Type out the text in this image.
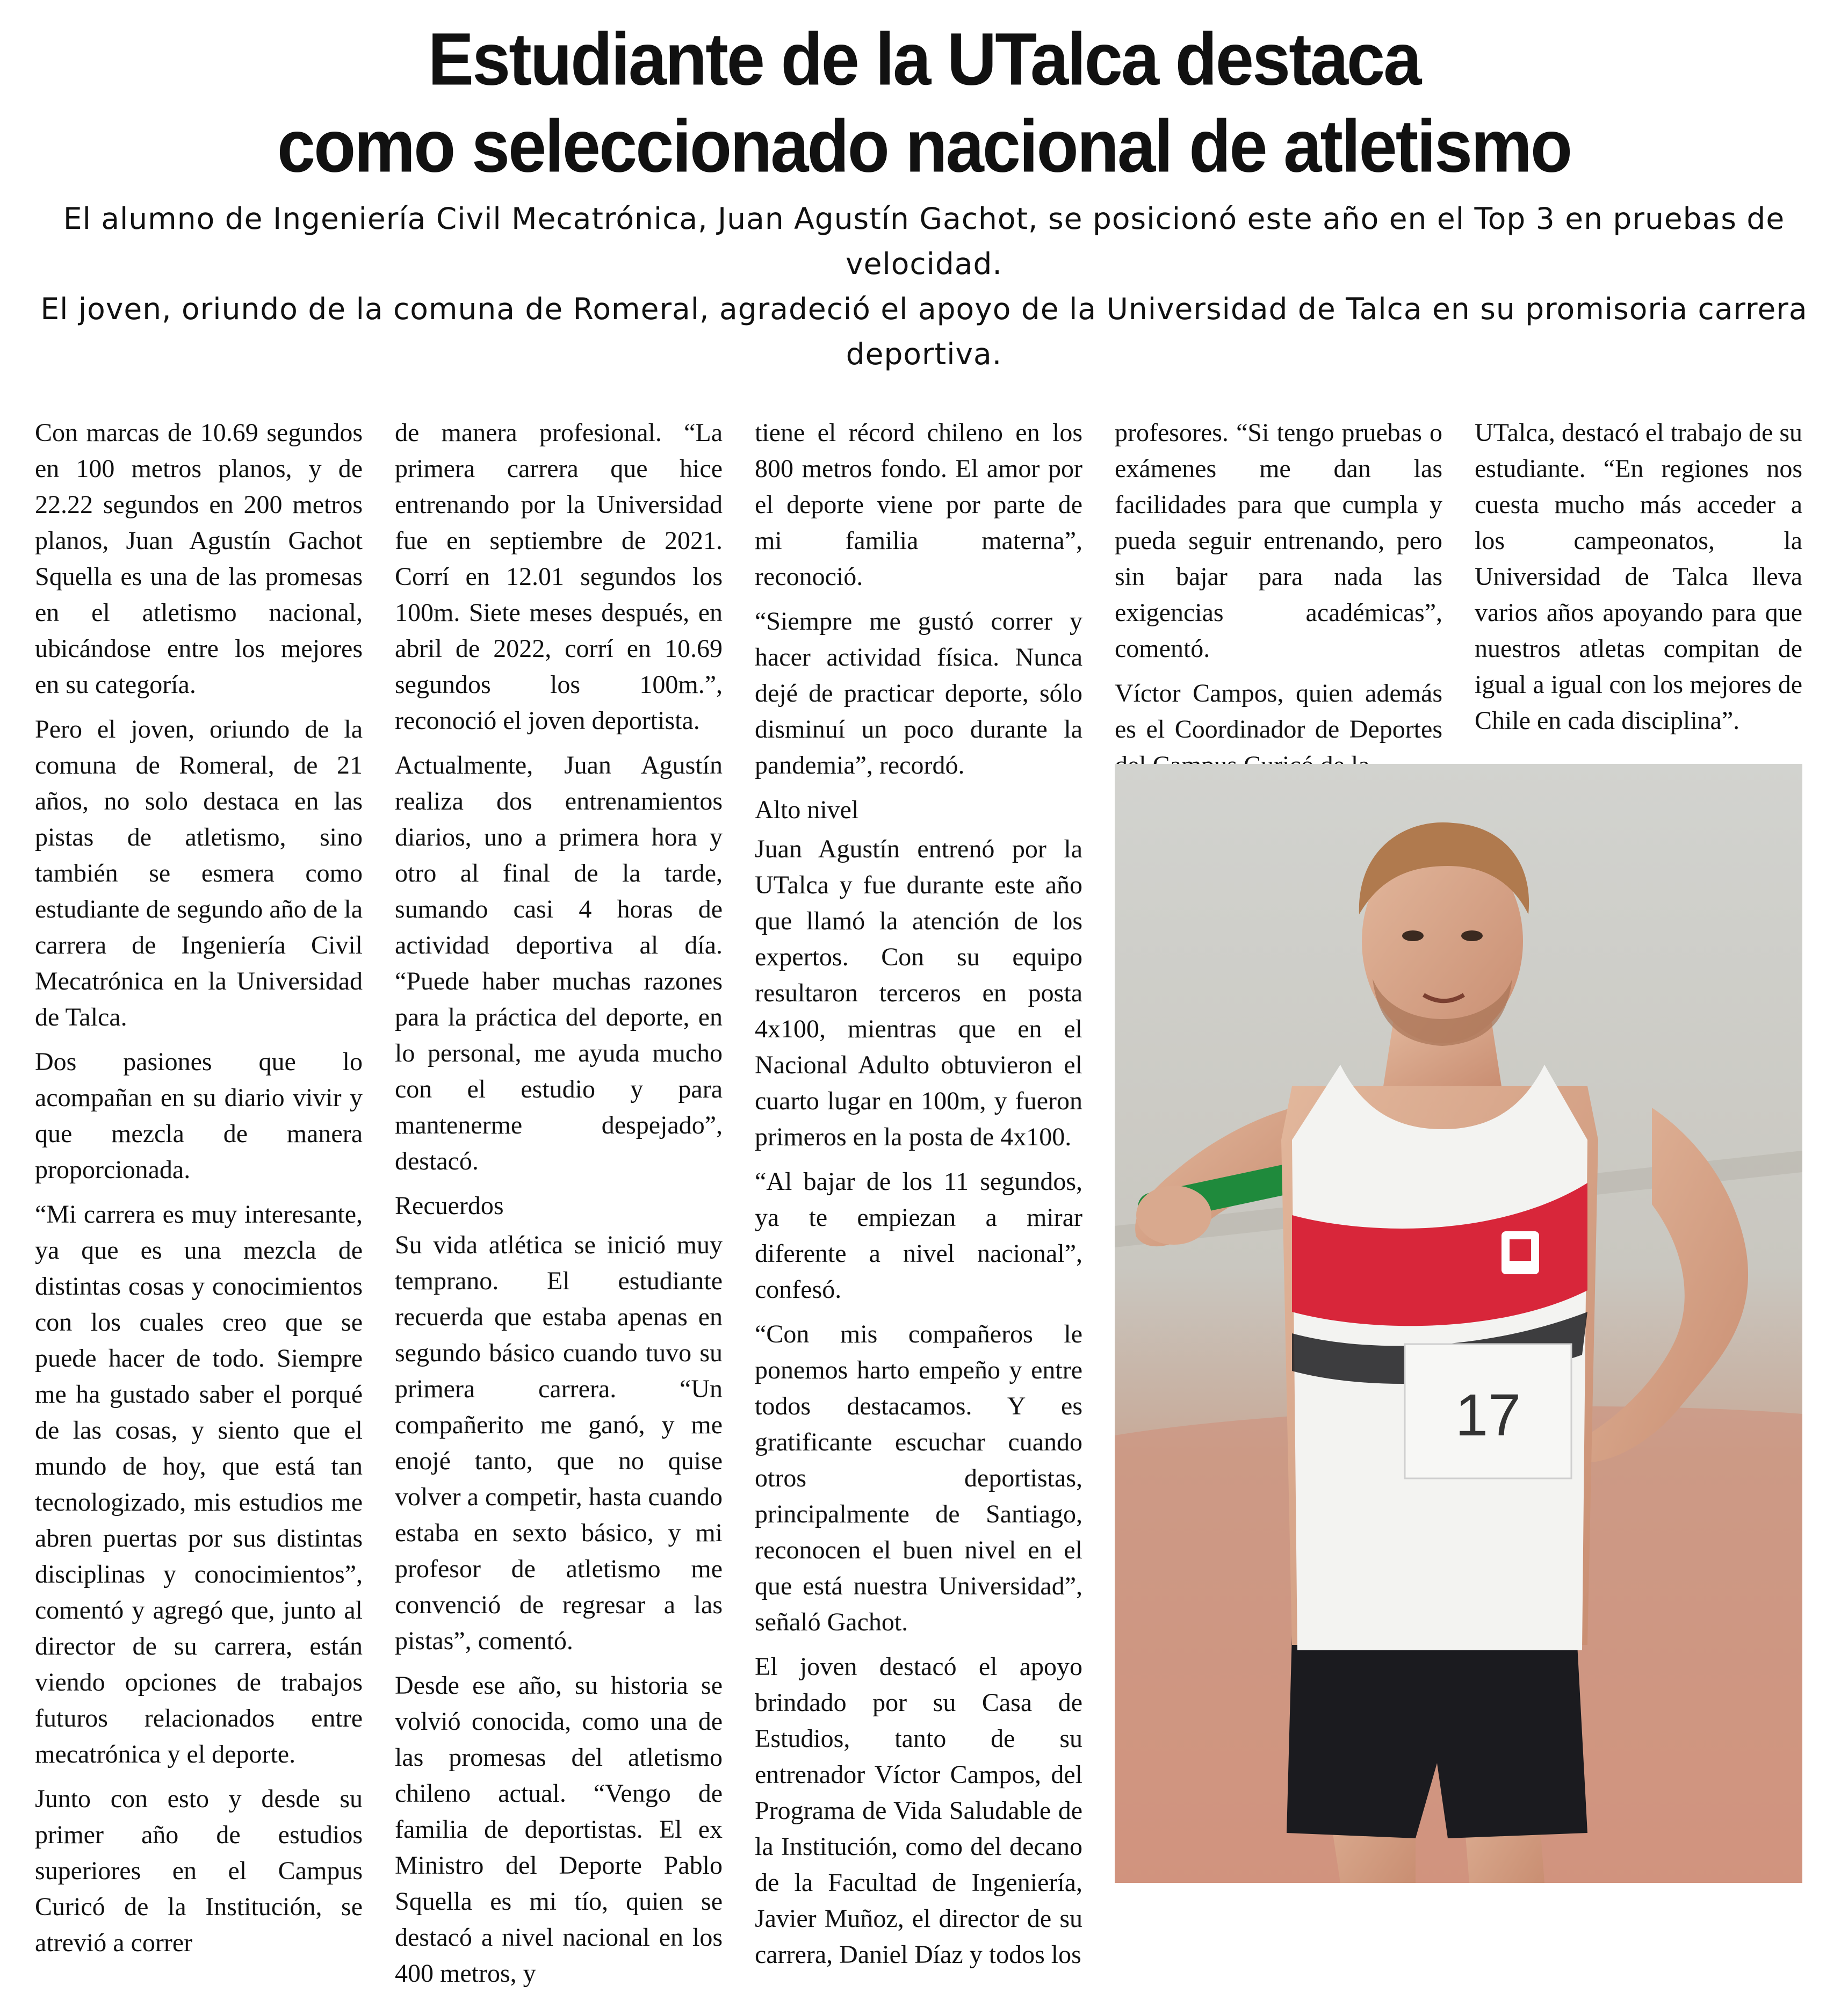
Estudiante de la UTalca destaca
como seleccionado nacional de atletismo

El alumno de Ingeniería Civil Mecatrónica, Juan Agustín Gachot, se posicionó este año en el Top 3 en pruebas de velocidad.

El joven, oriundo de la comuna de Romeral, agradeció el apoyo de la Universidad de Talca en su promisoria carrera deportiva.

Con marcas de 10.69 segundos en 100 metros planos, y de 22.22 segundos en 200 metros planos, Juan Agustín Gachot Squella es una de las promesas en el atletismo nacional, ubicándose entre los mejores en su categoría.

Pero el joven, oriundo de la comuna de Romeral, de 21 años, no solo destaca en las pistas de atletismo, sino también se esmera como estudiante de segundo año de la carrera de Ingeniería Civil Mecatrónica en la Universidad de Talca.

Dos pasiones que lo acompañan en su diario vivir y que mezcla de manera proporcionada.

“Mi carrera es muy interesante, ya que es una mezcla de distintas cosas y conocimientos con los cuales creo que se puede hacer de todo. Siempre me ha gustado saber el porqué de las cosas, y siento que el mundo de hoy, que está tan tecnologizado, mis estudios me abren puertas por sus distintas disciplinas y conocimientos”, comentó y agregó que, junto al director de su carrera, están viendo opciones de trabajos futuros relacionados entre mecatrónica y el deporte.

Junto con esto y desde su primer año de estudios superiores en el Campus Curicó de la Institución, se atrevió a correr

de manera profesional. “La primera carrera que hice entrenando por la Universidad fue en septiembre de 2021. Corrí en 12.01 segundos los 100m. Siete meses después, en abril de 2022, corrí en 10.69 segundos los 100m.”, reconoció el joven deportista.

Actualmente, Juan Agustín realiza dos entrenamientos diarios, uno a primera hora y otro al final de la tarde, sumando casi 4 horas de actividad deportiva al día. “Puede haber muchas razones para la práctica del deporte, en lo personal, me ayuda mucho con el estudio y para mantenerme despejado”, destacó.

Recuerdos

Su vida atlética se inició muy temprano. El estudiante recuerda que estaba apenas en segundo básico cuando tuvo su primera carrera. “Un compañerito me ganó, y me enojé tanto, que no quise volver a competir, hasta cuando estaba en sexto básico, y mi profesor de atletismo me convenció de regresar a las pistas”, comentó.

Desde ese año, su historia se volvió conocida, como una de las promesas del atletismo chileno actual. “Vengo de familia de deportistas. El ex Ministro del Deporte Pablo Squella es mi tío, quien se destacó a nivel nacional en los 400 metros, y

tiene el récord chileno en los 800 metros fondo. El amor por el deporte viene por parte de mi familia materna”, reconoció.

“Siempre me gustó correr y hacer actividad física. Nunca dejé de practicar deporte, sólo disminuí un poco durante la pandemia”, recordó.

Alto nivel

Juan Agustín entrenó por la UTalca y fue durante este año que llamó la atención de los expertos. Con su equipo resultaron terceros en posta 4x100, mientras que en el Nacional Adulto obtuvieron el cuarto lugar en 100m, y fueron primeros en la posta de 4x100.

“Al bajar de los 11 segundos, ya te empiezan a mirar diferente a nivel nacional”, confesó.

“Con mis compañeros le ponemos harto empeño y entre todos destacamos. Y es gratificante escuchar cuando otros deportistas, principalmente de Santiago, reconocen el buen nivel en el que está nuestra Universidad”, señaló Gachot.

El joven destacó el apoyo brindado por su Casa de Estudios, tanto de su entrenador Víctor Campos, del Programa de Vida Saludable de la Institución, como del decano de la Facultad de Ingeniería, Javier Muñoz, el director de su carrera, Daniel Díaz y todos los

profesores. “Si tengo pruebas o exámenes me dan las facilidades para que cumpla y pueda seguir entrenando, pero sin bajar para nada las exigencias académicas”, comentó.

Víctor Campos, quien además es el Coordinador de Deportes

UTalca, destacó el trabajo de su estudiante. “En regiones nos cuesta mucho más acceder a los campeonatos, la Universidad de Talca lleva varios años apoyando para que nuestros atletas compitan de igual a igual con los mejores de Chile en cada disciplina”.

17
